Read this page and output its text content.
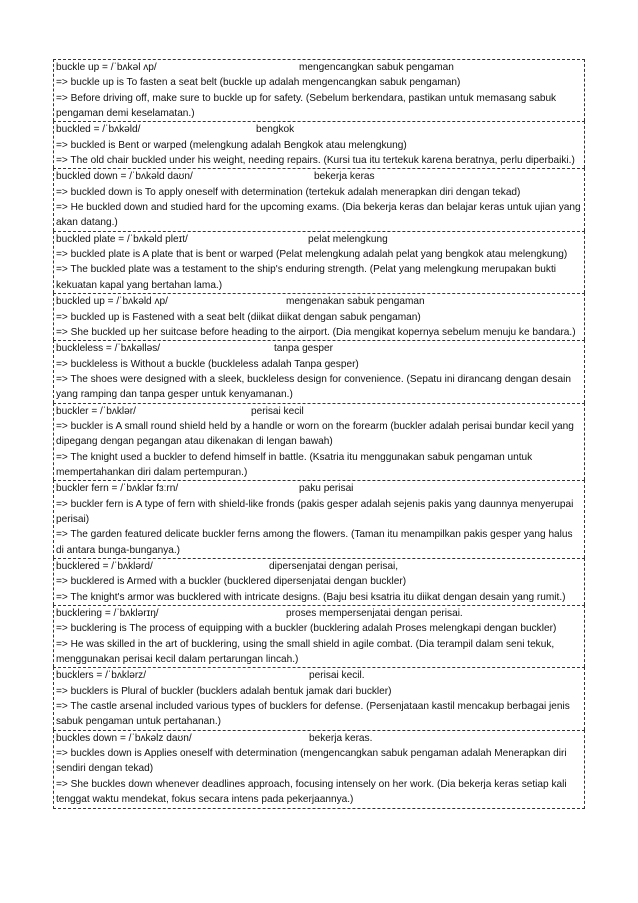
buckle up = /ˈbʌkəl ʌp/	mengencangkan sabuk pengaman
=> buckle up is To fasten a seat belt (buckle up adalah mengencangkan sabuk pengaman)
=> Before driving off, make sure to buckle up for safety. (Sebelum berkendara, pastikan untuk memasang sabuk pengaman demi keselamatan.)
buckled = /ˈbʌkəld/	bengkok
=> buckled is Bent or warped (melengkung adalah Bengkok atau melengkung)
=> The old chair buckled under his weight, needing repairs. (Kursi tua itu tertekuk karena beratnya, perlu diperbaiki.)
buckled down = /ˈbʌkəld daʊn/	bekerja keras
=> buckled down is To apply oneself with determination (tertekuk adalah menerapkan diri dengan tekad)
=> He buckled down and studied hard for the upcoming exams. (Dia bekerja keras dan belajar keras untuk ujian yang akan datang.)
buckled plate = /ˈbʌkəld pleɪt/	pelat melengkung
=> buckled plate is A plate that is bent or warped (Pelat melengkung adalah pelat yang bengkok atau melengkung)
=> The buckled plate was a testament to the ship's enduring strength. (Pelat yang melengkung merupakan bukti kekuatan kapal yang bertahan lama.)
buckled up = /ˈbʌkəld ʌp/	mengenakan sabuk pengaman
=> buckled up is Fastened with a seat belt (diikat diikat dengan sabuk pengaman)
=> She buckled up her suitcase before heading to the airport. (Dia mengikat kopernya sebelum menuju ke bandara.)
buckleless = /ˈbʌkəlləs/	tanpa gesper
=> buckleless is Without a buckle (buckleless adalah Tanpa gesper)
=> The shoes were designed with a sleek, buckleless design for convenience. (Sepatu ini dirancang dengan desain yang ramping dan tanpa gesper untuk kenyamanan.)
buckler = /ˈbʌklər/	perisai kecil
=> buckler is A small round shield held by a handle or worn on the forearm (buckler adalah perisai bundar kecil yang dipegang dengan pegangan atau dikenakan di lengan bawah)
=> The knight used a buckler to defend himself in battle. (Ksatria itu menggunakan sabuk pengaman untuk mempertahankan diri dalam pertempuran.)
buckler fern = /ˈbʌklər fɜːrn/	paku perisai
=> buckler fern is A type of fern with shield-like fronds (pakis gesper adalah sejenis pakis yang daunnya menyerupai perisai)
=> The garden featured delicate buckler ferns among the flowers. (Taman itu menampilkan pakis gesper yang halus di antara bunga-bunganya.)
bucklered = /ˈbʌklərd/	dipersenjatai dengan perisai,
=> bucklered is Armed with a buckler (bucklered dipersenjatai dengan buckler)
=> The knight's armor was bucklered with intricate designs. (Baju besi ksatria itu diikat dengan desain yang rumit.)
bucklering = /ˈbʌklərɪŋ/	proses mempersenjatai dengan perisai.
=> bucklering is The process of equipping with a buckler (bucklering adalah Proses melengkapi dengan buckler)
=> He was skilled in the art of bucklering, using the small shield in agile combat. (Dia terampil dalam seni tekuk, menggunakan perisai kecil dalam pertarungan lincah.)
bucklers = /ˈbʌklərz/	perisai kecil.
=> bucklers is Plural of buckler (bucklers adalah bentuk jamak dari buckler)
=> The castle arsenal included various types of bucklers for defense. (Persenjataan kastil mencakup berbagai jenis sabuk pengaman untuk pertahanan.)
buckles down = /ˈbʌkəlz daʊn/	bekerja keras.
=> buckles down is Applies oneself with determination (mengencangkan sabuk pengaman adalah Menerapkan diri sendiri dengan tekad)
=> She buckles down whenever deadlines approach, focusing intensely on her work. (Dia bekerja keras setiap kali tenggat waktu mendekat, fokus secara intens pada pekerjaannya.)
